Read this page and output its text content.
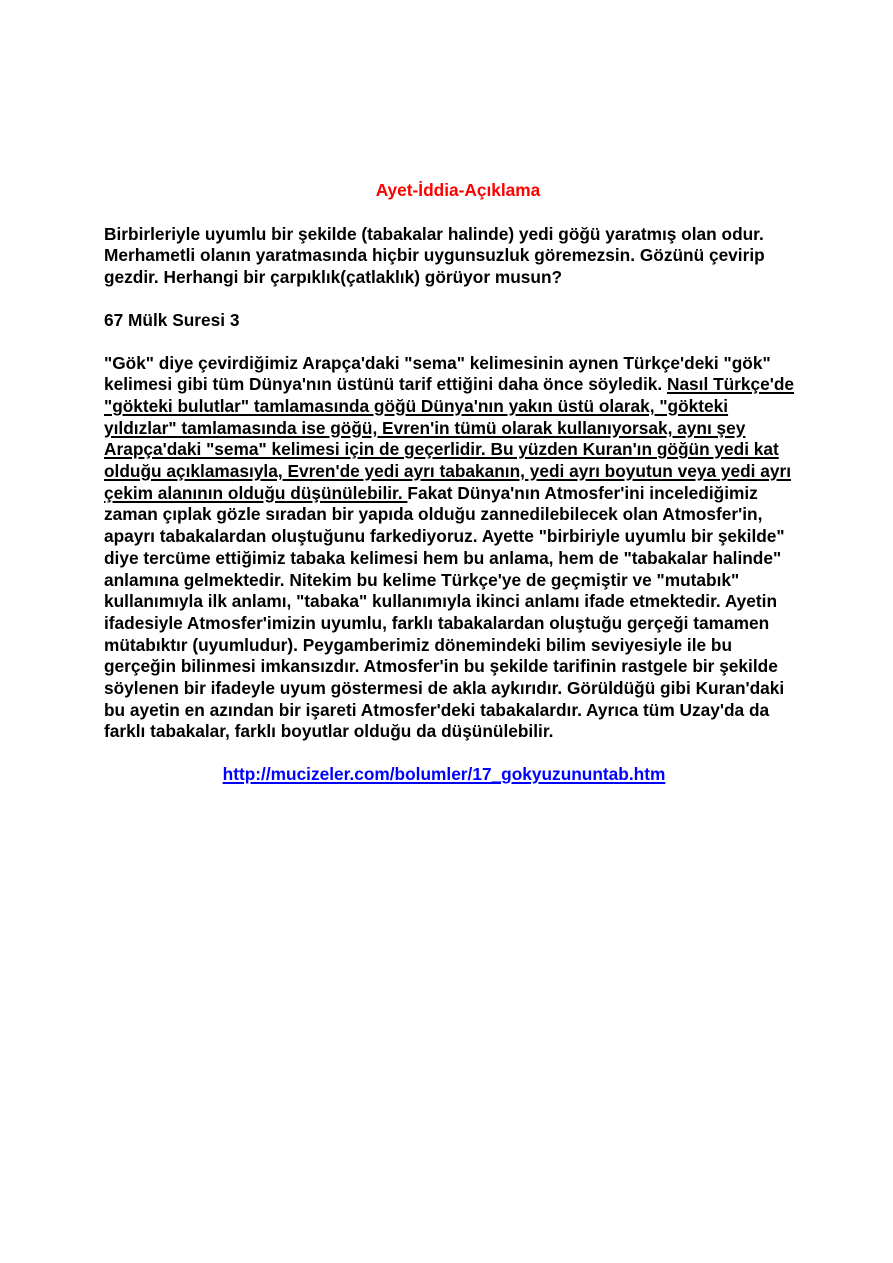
Ayet-İddia-Açıklama
Birbirleriyle uyumlu bir şekilde (tabakalar halinde) yedi göğü yaratmış olan odur. Merhametli olanın yaratmasında hiçbir uygunsuzluk göremezsin. Gözünü çevirip gezdir. Herhangi bir çarpıklık(çatlaklık) görüyor musun?
67 Mülk Suresi 3
"Gök" diye çevirdiğimiz Arapça'daki "sema" kelimesinin aynen Türkçe'deki "gök" kelimesi gibi tüm Dünya'nın üstünü tarif ettiğini daha önce söyledik. Nasıl Türkçe'de "gökteki bulutlar" tamlamasında göğü Dünya'nın yakın üstü olarak, "gökteki yıldızlar" tamlamasında ise göğü, Evren'in tümü olarak kullanıyorsak, aynı şey Arapça'daki "sema" kelimesi için de geçerlidir. Bu yüzden Kuran'ın göğün yedi kat olduğu açıklamasıyla, Evren'de yedi ayrı tabakanın, yedi ayrı boyutun veya yedi ayrı çekim alanının olduğu düşünülebilir. Fakat Dünya'nın Atmosfer'ini incelediğimiz zaman çıplak gözle sıradan bir yapıda olduğu zannedilebilecek olan Atmosfer'in, apayrı tabakalardan oluştuğunu farkediyoruz. Ayette "birbiriyle uyumlu bir şekilde" diye tercüme ettiğimiz tabaka kelimesi hem bu anlama, hem de "tabakalar halinde" anlamına gelmektedir. Nitekim bu kelime Türkçe'ye de geçmiştir ve "mutabık" kullanımıyla ilk anlamı, "tabaka" kullanımıyla ikinci anlamı ifade etmektedir. Ayetin ifadesiyle Atmosfer'imizin uyumlu, farklı tabakalardan oluştuğu gerçeği tamamen mütabıktır (uyumludur). Peygamberimiz dönemindeki bilim seviyesiyle ile bu gerçeğin bilinmesi imkansızdır. Atmosfer'in bu şekilde tarifinin rastgele bir şekilde söylenen bir ifadeyle uyum göstermesi de akla aykırıdır. Görüldüğü gibi Kuran'daki bu ayetin en azından bir işareti Atmosfer'deki tabakalardır. Ayrıca tüm Uzay'da da farklı tabakalar, farklı boyutlar olduğu da düşünülebilir.
http://mucizeler.com/bolumler/17_gokyuzununtab.htm
